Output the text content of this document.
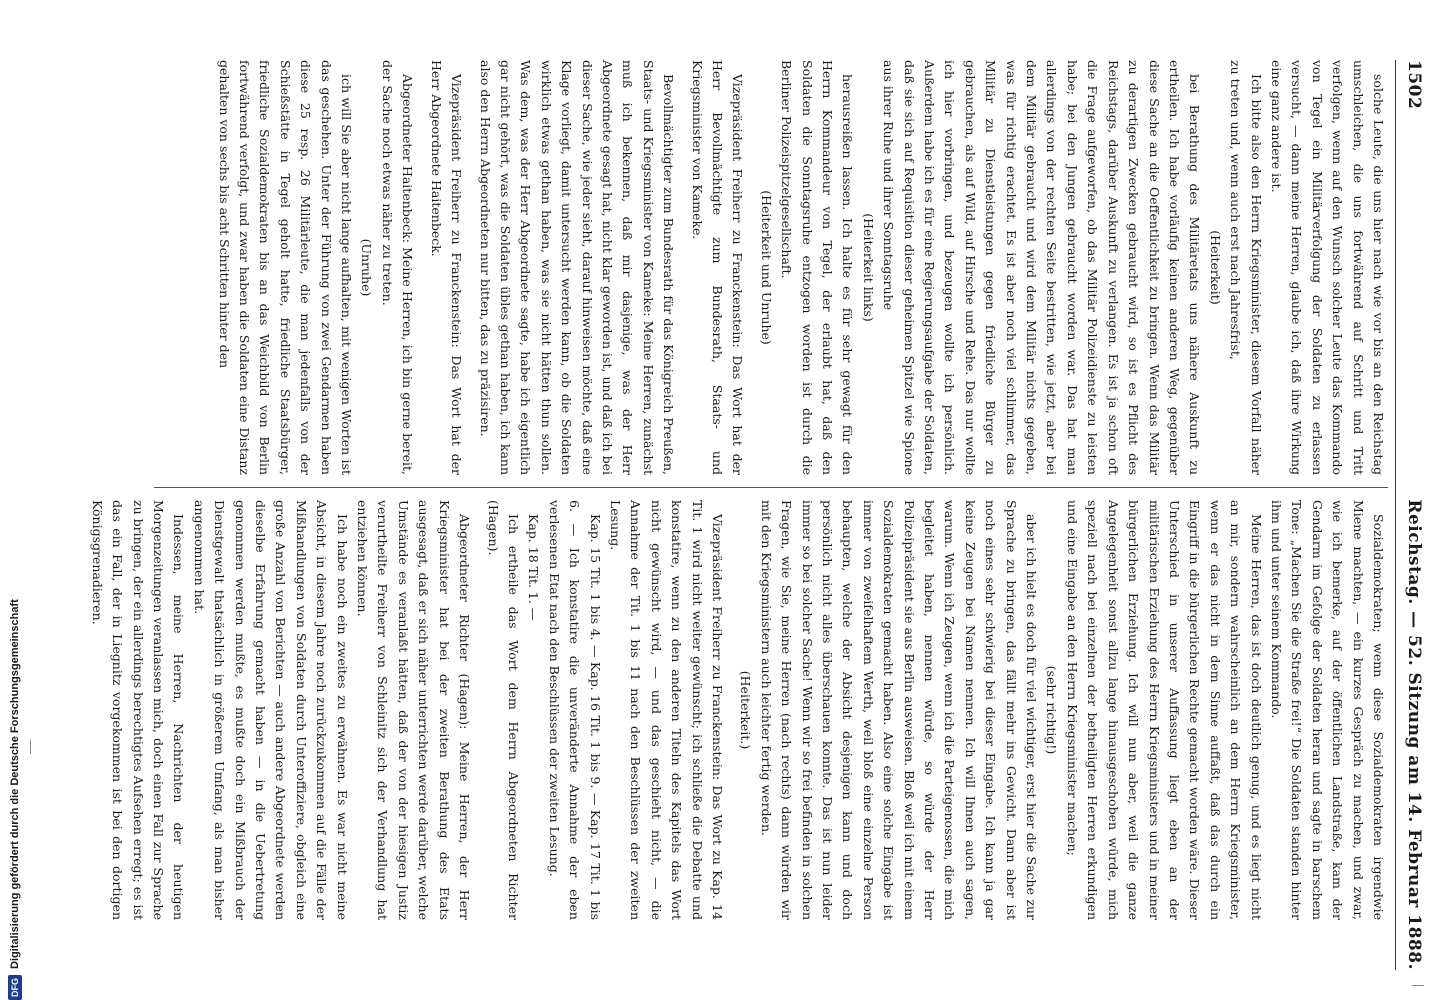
DFGDigitalisierung gefördert durch die Deutsche Forschungsgemeinschaft
1502
Reichstag. — 52. Sitzung am 14. Februar 1888.

solche Leute, die uns hier nach wie vor bis an den Reichstag umschleichen, die uns fortwährend auf Schritt und Tritt verfolgen, wenn auf den Wunsch solcher Leute das Kommando von Tegel ein Militärverfolgung der Soldaten zu erlassen versucht, — dann meine Herren, glaube ich, daß ihre Wirkung eine ganz andere ist.

Ich bitte also den Herrn Kriegsminister, diesem Vorfall näher zu treten und, wenn auch erst nach Jahresfrist,

(Heiterkeit)

bei Berathung des Militäretats uns nähere Auskunft zu ertheilen. Ich habe vorläufig keinen anderen Weg, gegenüber diese Sache an die Oeffentlichkeit zu bringen. Wenn das Militär zu derartigen Zwecken gebraucht wird, so ist es Pflicht des Reichstags, darüber Auskunft zu verlangen. Es ist ja schon oft die Frage aufgeworfen, ob das Militär Polizeidienste zu leisten habe; bei den Jungen gebraucht worden war. Das hat man allerdings von der rechten Seite bestritten, wie jetzt, aber bei dem Militär gebraucht und wird dem Militär nichts gegeben, was für richtig erachtet. Es ist aber noch viel schlimmer, das Militär zu Dienstleistungen gegen friedliche Bürger zu gebrauchen, als auf Wild, auf Hirsche und Rehe. Das nur wollte ich hier vorbringen, und bezeugen wollte ich persönlich. Außerdem habe ich es für eine Regierungsaufgabe der Soldaten, daß sie sich auf Requisition dieser geheimen Spitzel wie Spione aus ihrer Ruhe und ihrer Sonntagsruhe

(Heiterkeit links)

herausreißen lassen. Ich halte es für sehr gewagt für den Herrn Kommandeur von Tegel, der erlaubt hat, daß den Soldaten die Sonntagsruhe entzogen worden ist durch die Berliner Polizeispitzelgesellschaft.

(Heiterkeit und Unruhe)

Vizepräsident Freiherr zu Franckenstein: Das Wort hat der Herr Bevollmächtigte zum Bundesrath, Staats- und Kriegsminister von Kameke.

Bevollmächtigter zum Bundesrath für das Königreich Preußen, Staats- und Kriegsminister von Kameke: Meine Herren, zunächst muß ich bekennen, daß mir dasjenige, was der Herr Abgeordnete gesagt hat, nicht klar geworden ist, und daß ich bei dieser Sache, wie jeder sieht, darauf hinweisen möchte, daß eine Klage vorliegt, damit untersucht werden kann, ob die Soldaten wirklich etwas gethan haben, was sie nicht hätten thun sollen. Was dem, was der Herr Abgeordnete sagte, habe ich eigentlich gar nicht gehört, was die Soldaten übles gethan haben, ich kann also den Herrn Abgeordneten nur bitten, das zu präzisiren.

Vizepräsident Freiherr zu Franckenstein: Das Wort hat der Herr Abgeordnete Haitenbeck.

Abgeordneter Haitenbeck: Meine Herren, ich bin gerne bereit, der Sache noch etwas näher zu treten.

(Unruhe)

ich will Sie aber nicht lange aufhalten, mit wenigen Worten ist das geschehen. Unter der Führung von zwei Gendarmen haben diese 25 resp. 26 Militärleute, die man jedenfalls von der Schießstätte in Tegel geholt hatte, friedliche Staatsbürger, friedliche Sozialdemokraten bis an das Weichbild von Berlin fortwährend verfolgt, und zwar haben die Soldaten eine Distanz gehalten von sechs bis acht Schritten hinter den

Sozialdemokraten; wenn diese Sozialdemokraten irgendwie Miene machten, — ein kurzes Gespräch zu machen, und zwar, wie ich bemerke, auf der öffentlichen Landstraße, kam der Gendarm im Gefolge der Soldaten heran und sagte in barschem Tone: „Machen Sie die Straße frei!“ Die Soldaten standen hinter ihm und unter seinem Kommando.

Meine Herren, das ist doch deutlich genug, und es liegt nicht an mir, sondern wahrscheinlich an dem Herrn Kriegsminister, wenn er das nicht in dem Sinne auffaßt, daß das durch ein Eingriff in die bürgerlichen Rechte gemacht worden wäre. Dieser Unterschied in unserer Auffassung liegt eben an der militärischen Erziehung des Herrn Kriegsministers und in meiner bürgerlichen Erziehung. Ich will nun aber, weil die ganze Angelegenheit sonst allzu lange hinausgeschoben würde, mich speziell nach bei einzelnen der betheiligten Herren erkundigen und eine Eingabe an den Herrn Kriegsminister machen;

(sehr richtig!)

aber ich hielt es doch für viel wichtiger, erst hier die Sache zur Sprache zu bringen, das fällt mehr ins Gewicht. Dann aber ist noch eines sehr schwierig bei dieser Eingabe. Ich kann ja gar keine Zeugen bei Namen nennen. Ich will Ihnen auch sagen, warum. Wenn ich Zeugen, wenn ich die Parteigenossen, die mich begleitet haben, nennen würde, so würde der Herr Polizeipräsident sie aus Berlin ausweisen. Bloß weil ich mit einem Sozialdemokraten gemacht haben. Also eine solche Eingabe ist immer von zweifelhaftem Werth, weil bloß eine einzelne Person behaupten, welche der Absicht desjenigen kann und doch persönlich nicht alles überschauen konnte. Das ist nun leider immer so bei solcher Sache! Wenn wir so frei befinden in solchen Fragen, wie Sie, meine Herren (nach rechts) dann würden wir mit den Kriegsministern auch leichter fertig werden.

(Heiterkeit.)

Vizepräsident Freiherr zu Franckenstein: Das Wort zu Kap. 14 Tit. 1 wird nicht weiter gewünscht; ich schließe die Debatte und konstatire, wenn zu den anderen Titeln des Kapitels das Wort nicht gewünscht wird, — und das geschieht nicht, — die Annahme der Tit. 1 bis 11 nach den Beschlüssen der zweiten Lesung.

Kap. 15 Tit. 1 bis 4. — Kap. 16 Tit. 1 bis 9. — Kap. 17 Tit. 1 bis 6. — Ich konstatire die unveränderte Annahme der eben verlesenen Etat nach den Beschlüssen der zweiten Lesung.

Kap. 18 Tit. 1. —

Ich ertheile das Wort dem Herrn Abgeordneten Richter (Hagen).

Abgeordneter Richter (Hagen): Meine Herren, der Herr Kriegsminister hat bei der zweiten Berathung des Etats ausgesagt, daß er sich näher unterrichten werde darüber, welche Umstände es veranlaßt hätten, daß der von der hiesigen Justiz verurtheilte Freiherr von Schleinitz sich der Verhandlung hat entziehen können.

Ich habe noch ein zweites zu erwähnen. Es war nicht meine Absicht, in diesem Jahre noch zurückzukommen auf die Fälle der Mißhandlungen von Soldaten durch Unteroffiziere, obgleich eine große Anzahl von Berichten — auch andere Abgeordnete werden dieselbe Erfahrung gemacht haben — in die Uebertretung genommen werden mußte, es mußte doch ein Mißbrauch der Dienstgewalt thatsächlich in größerem Umfang, als man bisher angenommen hat.

Indessen, meine Herren, Nachrichten der heutigen Morgenzeitungen veranlassen mich, doch einen Fall zur Sprache zu bringen, der ein allerdings berechtigtes Aufsehen erregt; es ist das ein Fall, der in Liegnitz vorgekommen ist bei den dortigen Königsgrenadieren.
